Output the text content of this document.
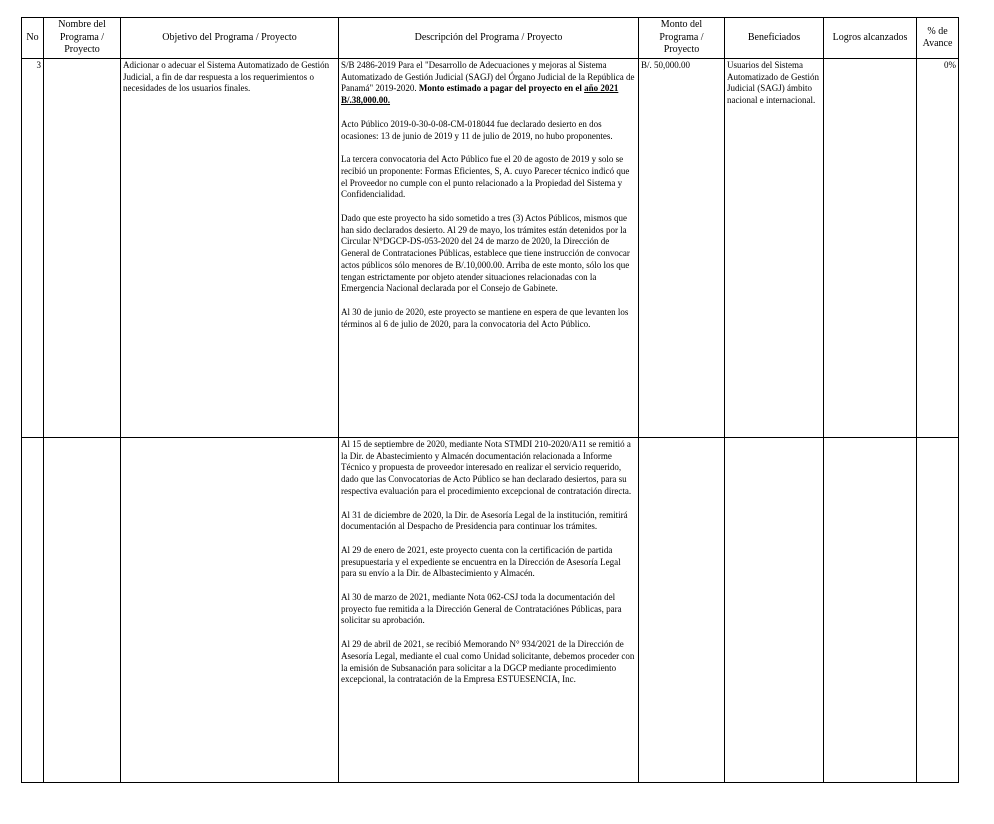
No	Nombre del Programa / Proyecto	Objetivo del Programa / Proyecto	Descripción del Programa / Proyecto	Monto del Programa / Proyecto	Beneficiados	Logros alcanzados	% de Avance
3		Adicionar o adecuar el Sistema Automatizado de Gestión Judicial, a fin de dar respuesta a los requerimientos o necesidades de los usuarios finales.	S/B 2486-2019 Para el "Desarrollo de Adecuaciones y mejoras al Sistema Automatizado de Gestión Judicial (SAGJ) del Órgano Judicial de la República de Panamá" 2019-2020. Monto estimado a pagar del proyecto en el año 2021 B/.38,000.00.

Acto Público 2019-0-30-0-08-CM-018044 fue declarado desierto en dos ocasiones: 13 de junio de 2019 y 11 de julio de 2019, no hubo proponentes.

La tercera convocatoria del Acto Público fue el 20 de agosto de 2019 y solo se recibió un proponente: Formas Eficientes, S, A. cuyo Parecer técnico indicó que el Proveedor no cumple con el punto relacionado a la Propiedad del Sistema y Confidencialidad.

Dado que este proyecto ha sido sometido a tres (3) Actos Públicos, mismos que han sido declarados desierto. Al 29 de mayo, los trámites están detenidos por la Circular N°DGCP-DS-053-2020 del 24 de marzo de 2020, la Dirección de General de Contrataciones Públicas, establece que tiene instrucción de convocar actos públicos sólo menores de B/.10,000.00. Arriba de este monto, sólo los que tengan estrictamente por objeto atender situaciones relacionadas con la Emergencia Nacional declarada por el Consejo de Gabinete.

Al 30 de junio de 2020, este proyecto se mantiene en espera de que levanten los términos al 6 de julio de 2020, para la convocatoria del Acto Público.	B/. 50,000.00	Usuarios del Sistema Automatizado de Gestión Judicial (SAGJ) ámbito nacional e internacional.		0%

			Al 15 de septiembre de 2020, mediante Nota STMDI 210-2020/A11 se remitió a la Dir. de Abastecimiento y Almacén documentación relacionada a Informe Técnico y propuesta de proveedor interesado en realizar el servicio requerido, dado que las Convocatorias de Acto Público se han declarado desiertos, para su respectiva evaluación para el procedimiento excepcional de contratación directa.

Al 31 de diciembre de 2020, la Dir. de Asesoría Legal de la institución, remitirá documentación al Despacho de Presidencia para continuar los trámites.

Al 29 de enero de 2021, este proyecto cuenta con la certificación de partida presupuestaria y el expediente se encuentra en la Dirección de Asesoría Legal para su envío a la Dir. de Albastecimiento y Almacén.

Al 30 de marzo de 2021, mediante Nota 062-CSJ toda la documentación del proyecto fue remitida a la Dirección General de Contrataciónes Públicas, para solicitar su aprobación.

Al 29 de abril de 2021, se recibió Memorando N° 934/2021 de la Dirección de Asesoría Legal, mediante el cual como Unidad solicitante, debemos proceder con la emisión de Subsanación para solicitar a la DGCP mediante procedimiento excepcional, la contratación de la Empresa ESTUESENCIA, Inc.				
